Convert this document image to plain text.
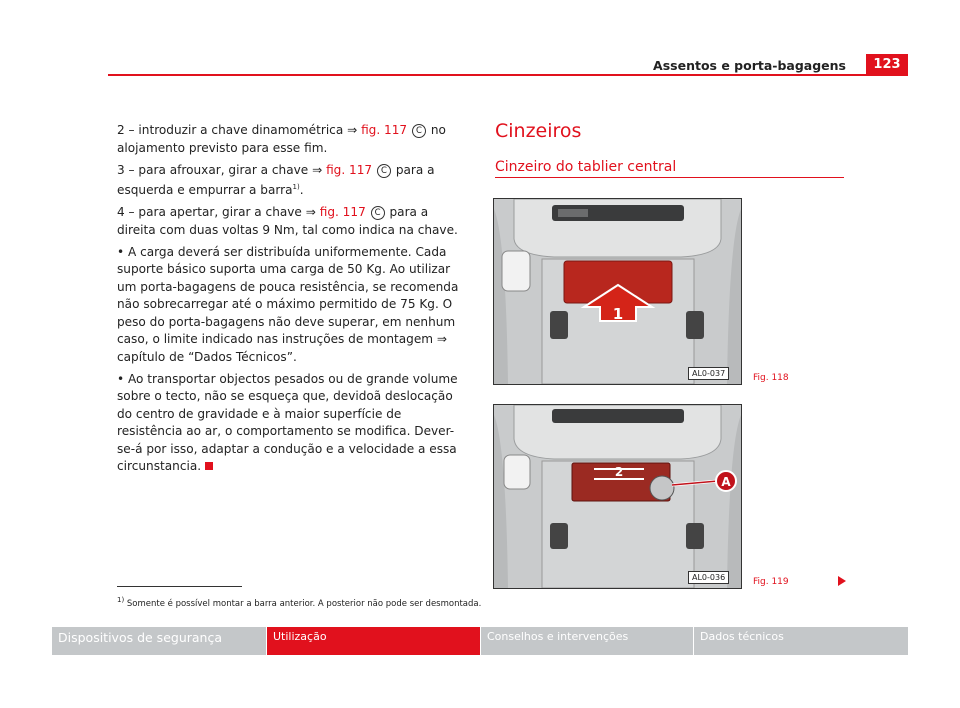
Assentos e porta-bagagens	123

2 – introduzir a chave dinamométrica ⇒ fig. 117 C no alojamento previsto para esse fim.

3 – para afrouxar, girar a chave ⇒ fig. 117 C para a esquerda e empurrar a barra$^{1)}$.

4 – para apertar, girar a chave ⇒ fig. 117 C para a direita com duas voltas 9 Nm, tal como indica na chave.

• A carga deverá ser distribuída uniformemente. Cada suporte básico suporta uma carga de 50 Kg. Ao utilizar um porta-bagagens de pouca resistência, se recomenda não sobrecarregar até o máximo permitido de 75 Kg. O peso do porta-bagagens não deve superar, em nenhum caso, o limite indicado nas instruções de montagem ⇒ capítulo de “Dados Técnicos”.

• Ao transportar objectos pesados ou de grande volume sobre o tecto, não se esqueça que, devidoã deslocação do centro de gravidade e à maior superfície de resistência ao ar, o comportamento se modifica. Dever-se-á por isso, adaptar a condução e a velocidade a essa circunstancia.

Cinzeiros
Cinzeiro do tablier central
1
AL0-037	Fig. 118
2
A
AL0-036	Fig. 119
$^{1)}$ Somente é possível montar a barra anterior. A posterior não pode ser desmontada.
Dispositivos de segurança	Utilização	Conselhos e intervenções	Dados técnicos
